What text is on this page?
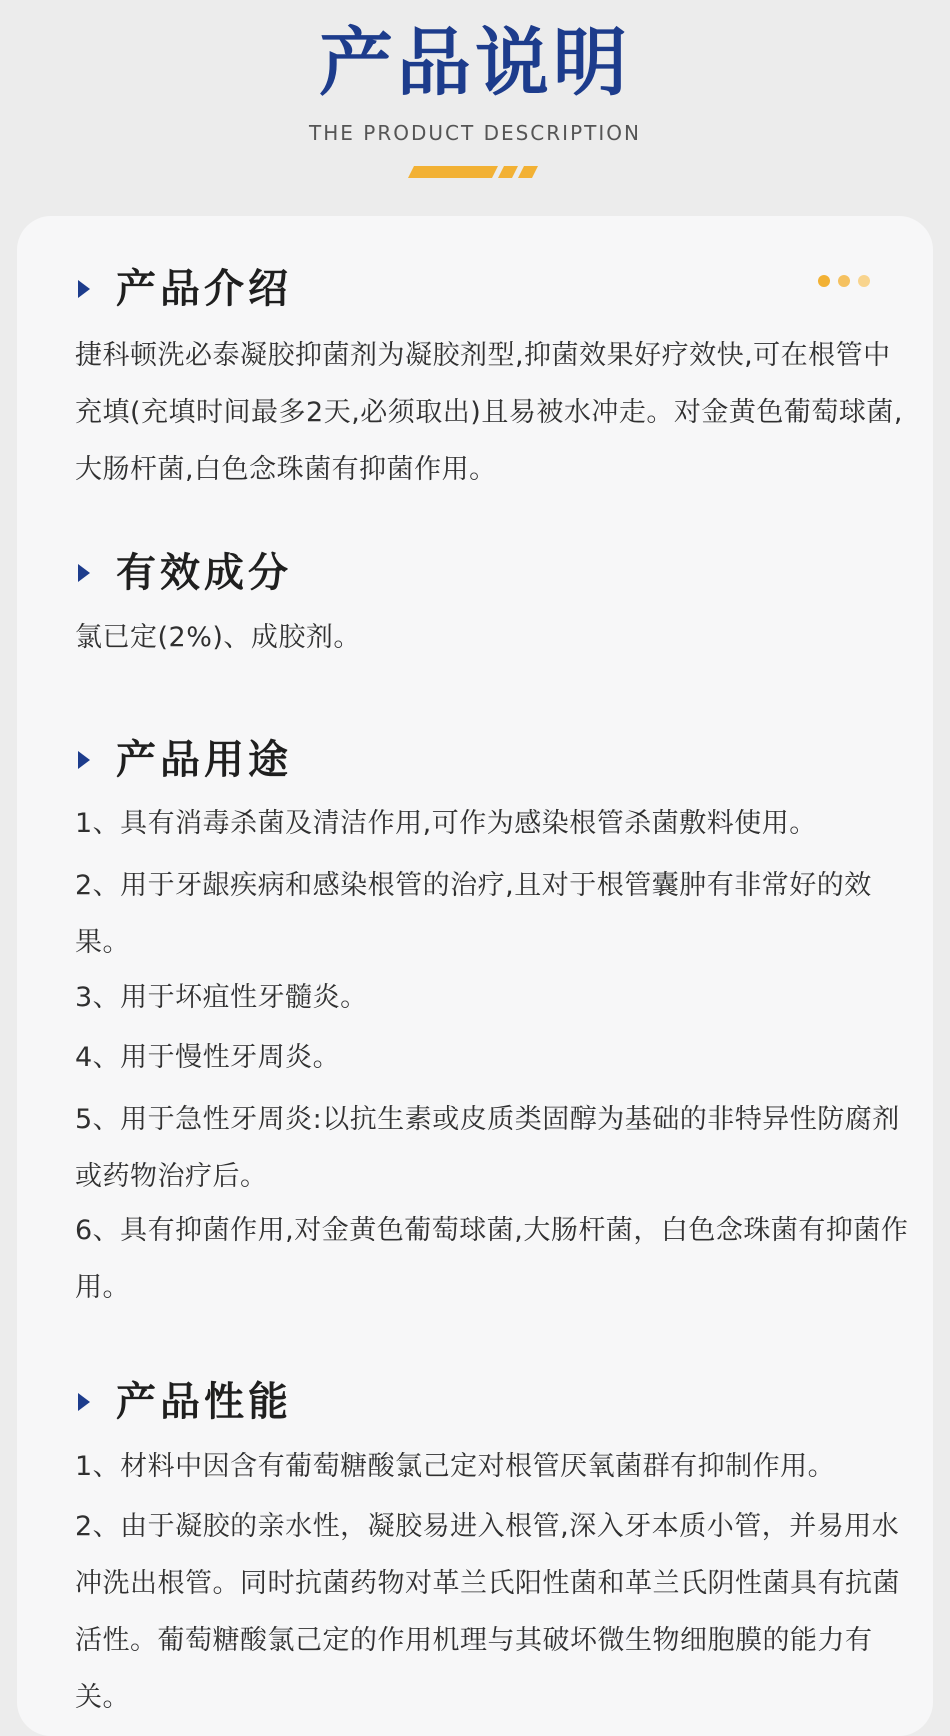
产品说明
THE PRODUCT DESCRIPTION
产品介绍

捷科顿洗必泰凝胶抑菌剂为凝胶剂型,抑菌效果好疗效快,可在根管中充填(充填时间最多2天,必须取出)且易被水冲走。对金黄色葡萄球菌,大肠杆菌,白色念珠菌有抑菌作用。

有效成分

氯已定(2%)、成胶剂。

产品用途

1、具有消毒杀菌及清洁作用,可作为感染根管杀菌敷料使用。

2、用于牙龈疾病和感染根管的治疗,且对于根管囊肿有非常好的效果。

3、用于坏疽性牙髓炎。

4、用于慢性牙周炎。

5、用于急性牙周炎:以抗生素或皮质类固醇为基础的非特异性防腐剂或药物治疗后。

6、具有抑菌作用,对金黄色葡萄球菌,大肠杆菌，白色念珠菌有抑菌作用。

产品性能

1、材料中因含有葡萄糖酸氯己定对根管厌氧菌群有抑制作用。

2、由于凝胶的亲水性，凝胶易进入根管,深入牙本质小管，并易用水冲洗出根管。同时抗菌药物对革兰氏阳性菌和革兰氏阴性菌具有抗菌活性。葡萄糖酸氯己定的作用机理与其破坏微生物细胞膜的能力有关。
